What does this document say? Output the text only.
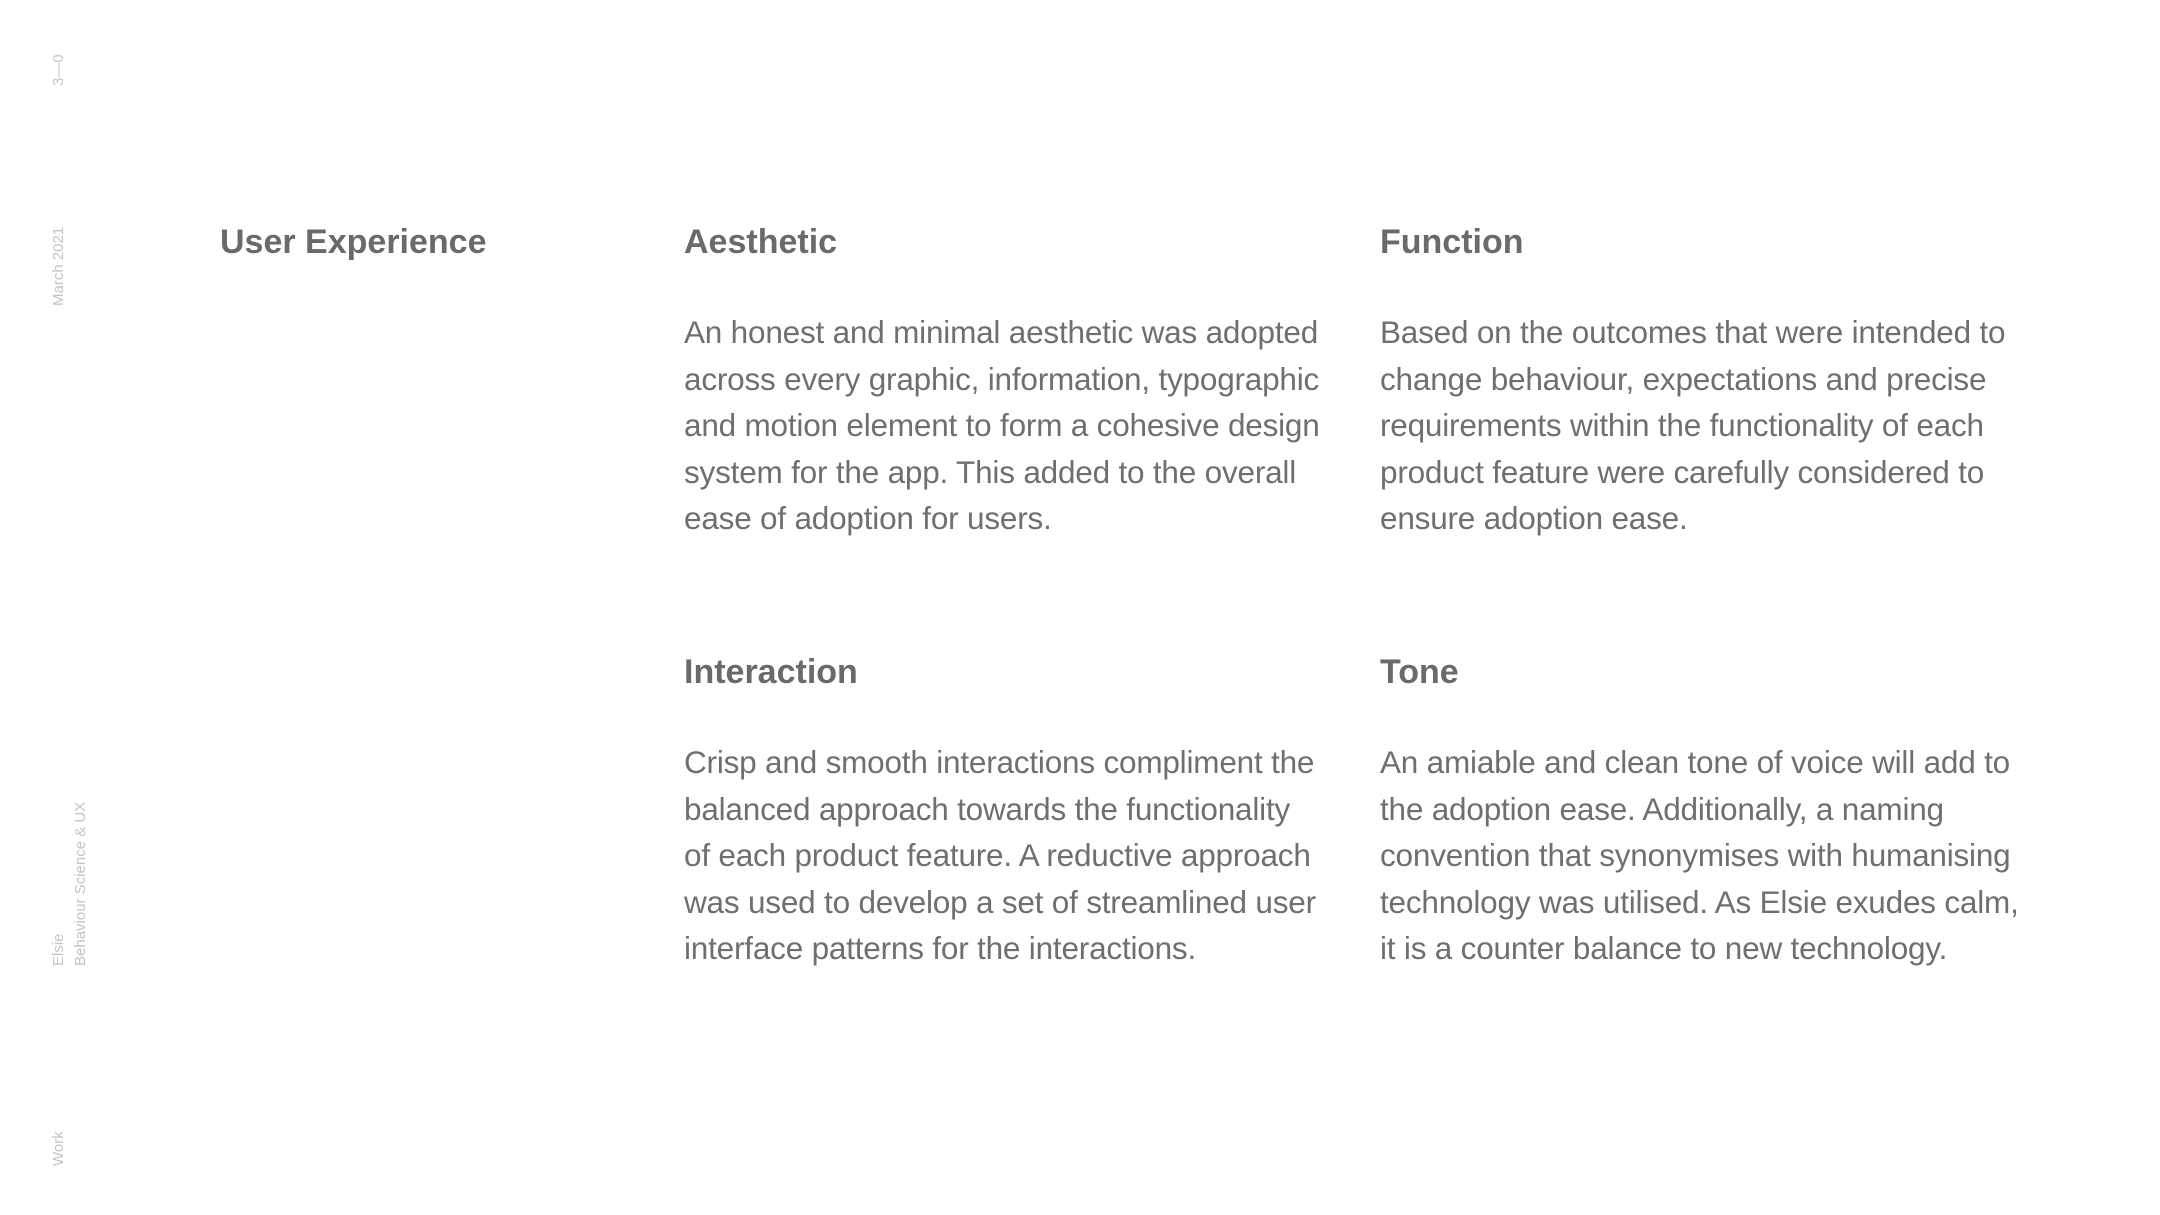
3—0
March 2021
Elsie Behaviour Science & UX
Work
User Experience	Aesthetic

An honest and minimal aesthetic was adopted
across every graphic, information, typographic
and motion element to form a cohesive design
system for the app. This added to the overall
ease of adoption for users.

Function

Based on the outcomes that were intended to
change behaviour, expectations and precise
requirements within the functionality of each
product feature were carefully considered to
ensure adoption ease.

Interaction

Crisp and smooth interactions compliment the
balanced approach towards the functionality
of each product feature. A reductive approach
was used to develop a set of streamlined user
interface patterns for the interactions.

Tone

An amiable and clean tone of voice will add to
the adoption ease. Additionally, a naming
convention that synonymises with humanising
technology was utilised. As Elsie exudes calm,
it is a counter balance to new technology.
